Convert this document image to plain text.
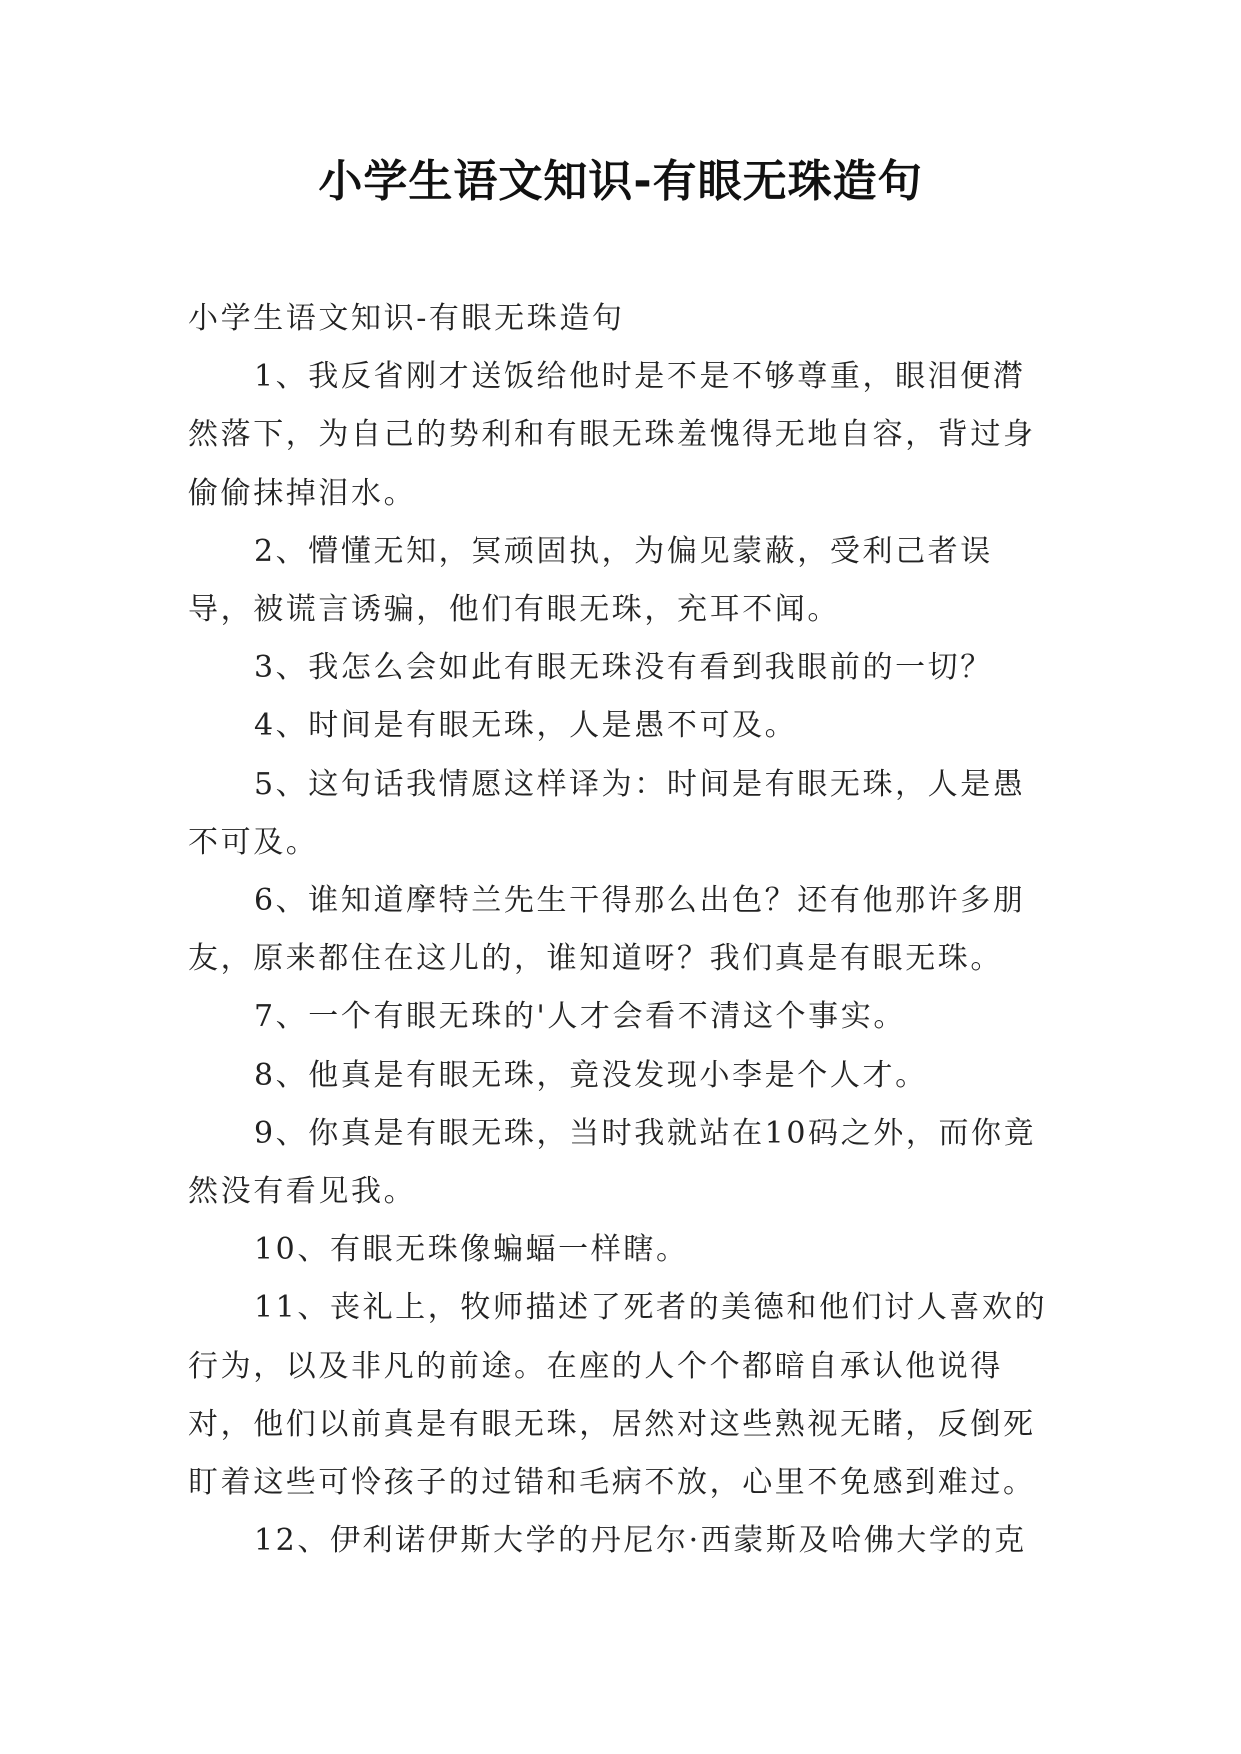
小学生语文知识-有眼无珠造句

小学生语文知识-有眼无珠造句

1、我反省刚才送饭给他时是不是不够尊重，眼泪便潸然落下，为自己的势利和有眼无珠羞愧得无地自容，背过身偷偷抹掉泪水。

2、懵懂无知，冥顽固执，为偏见蒙蔽，受利己者误导，被谎言诱骗，他们有眼无珠，充耳不闻。

3、我怎么会如此有眼无珠没有看到我眼前的一切？

4、时间是有眼无珠，人是愚不可及。

5、这句话我情愿这样译为：时间是有眼无珠，人是愚不可及。

6、谁知道摩特兰先生干得那么出色？还有他那许多朋友，原来都住在这儿的，谁知道呀？我们真是有眼无珠。

7、一个有眼无珠的'人才会看不清这个事实。

8、他真是有眼无珠，竟没发现小李是个人才。

9、你真是有眼无珠，当时我就站在10码之外，而你竟然没有看见我。

10、有眼无珠像蝙蝠一样瞎。

11、丧礼上，牧师描述了死者的美德和他们讨人喜欢的行为，以及非凡的前途。在座的人个个都暗自承认他说得对，他们以前真是有眼无珠，居然对这些熟视无睹，反倒死盯着这些可怜孩子的过错和毛病不放，心里不免感到难过。

12、伊利诺伊斯大学的丹尼尔·西蒙斯及哈佛大学的克
